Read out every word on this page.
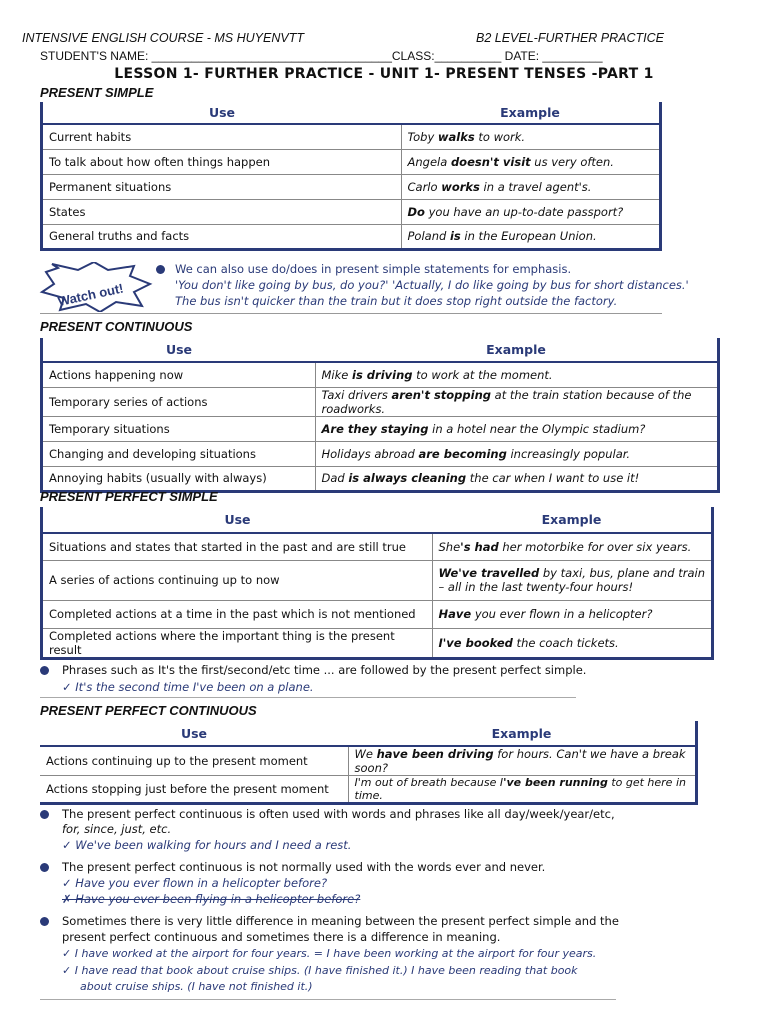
INTENSIVE ENGLISH COURSE - MS HUYENVTT	B2 LEVEL-FURTHER PRACTICE
STUDENT'S NAME: ____________________________________CLASS:__________ DATE: _________
LESSON 1- FURTHER PRACTICE - UNIT 1- PRESENT TENSES -PART 1
PRESENT SIMPLE
Use	Example
Current habits	Toby walks to work.
To talk about how often things happen	Angela doesn't visit us very often.
Permanent situations	Carlo works in a travel agent's.
States	Do you have an up-to-date passport?
General truths and facts	Poland is in the European Union.
Watch out!
We can also use do/does in present simple statements for emphasis.
'You don't like going by bus, do you?' 'Actually, I do like going by bus for short distances.'
The bus isn't quicker than the train but it does stop right outside the factory.
PRESENT CONTINUOUS
Use	Example
Actions happening now	Mike is driving to work at the moment.
Temporary series of actions	Taxi drivers aren't stopping at the train station because of the roadworks.
Temporary situations	Are they staying in a hotel near the Olympic stadium?
Changing and developing situations	Holidays abroad are becoming increasingly popular.
Annoying habits (usually with always)	Dad is always cleaning the car when I want to use it!
PRESENT PERFECT SIMPLE
Use	Example
Situations and states that started in the past and are still true	She's had her motorbike for over six years.
A series of actions continuing up to now	We've travelled by taxi, bus, plane and train – all in the last twenty-four hours!
Completed actions at a time in the past which is not mentioned	Have you ever flown in a helicopter?
Completed actions where the important thing is the present result	I've booked the coach tickets.
Phrases such as It's the first/second/etc time ... are followed by the present perfect simple.
✓ It's the second time I've been on a plane.
PRESENT PERFECT CONTINUOUS
Use	Example
Actions continuing up to the present moment	We have been driving for hours. Can't we have a break soon?
Actions stopping just before the present moment	I'm out of breath because I've been running to get here in time.
The present perfect continuous is often used with words and phrases like all day/week/year/etc,
for, since, just, etc.
✓ We've been walking for hours and I need a rest.
The present perfect continuous is not normally used with the words ever and never.
✓ Have you ever flown in a helicopter before?
✗ Have you ever been flying in a helicopter before?
Sometimes there is very little difference in meaning between the present perfect simple and the
present perfect continuous and sometimes there is a difference in meaning.
✓ I have worked at the airport for four years. = I have been working at the airport for four years.
✓ I have read that book about cruise ships. (I have finished it.) I have been reading that book
about cruise ships. (I have not finished it.)
